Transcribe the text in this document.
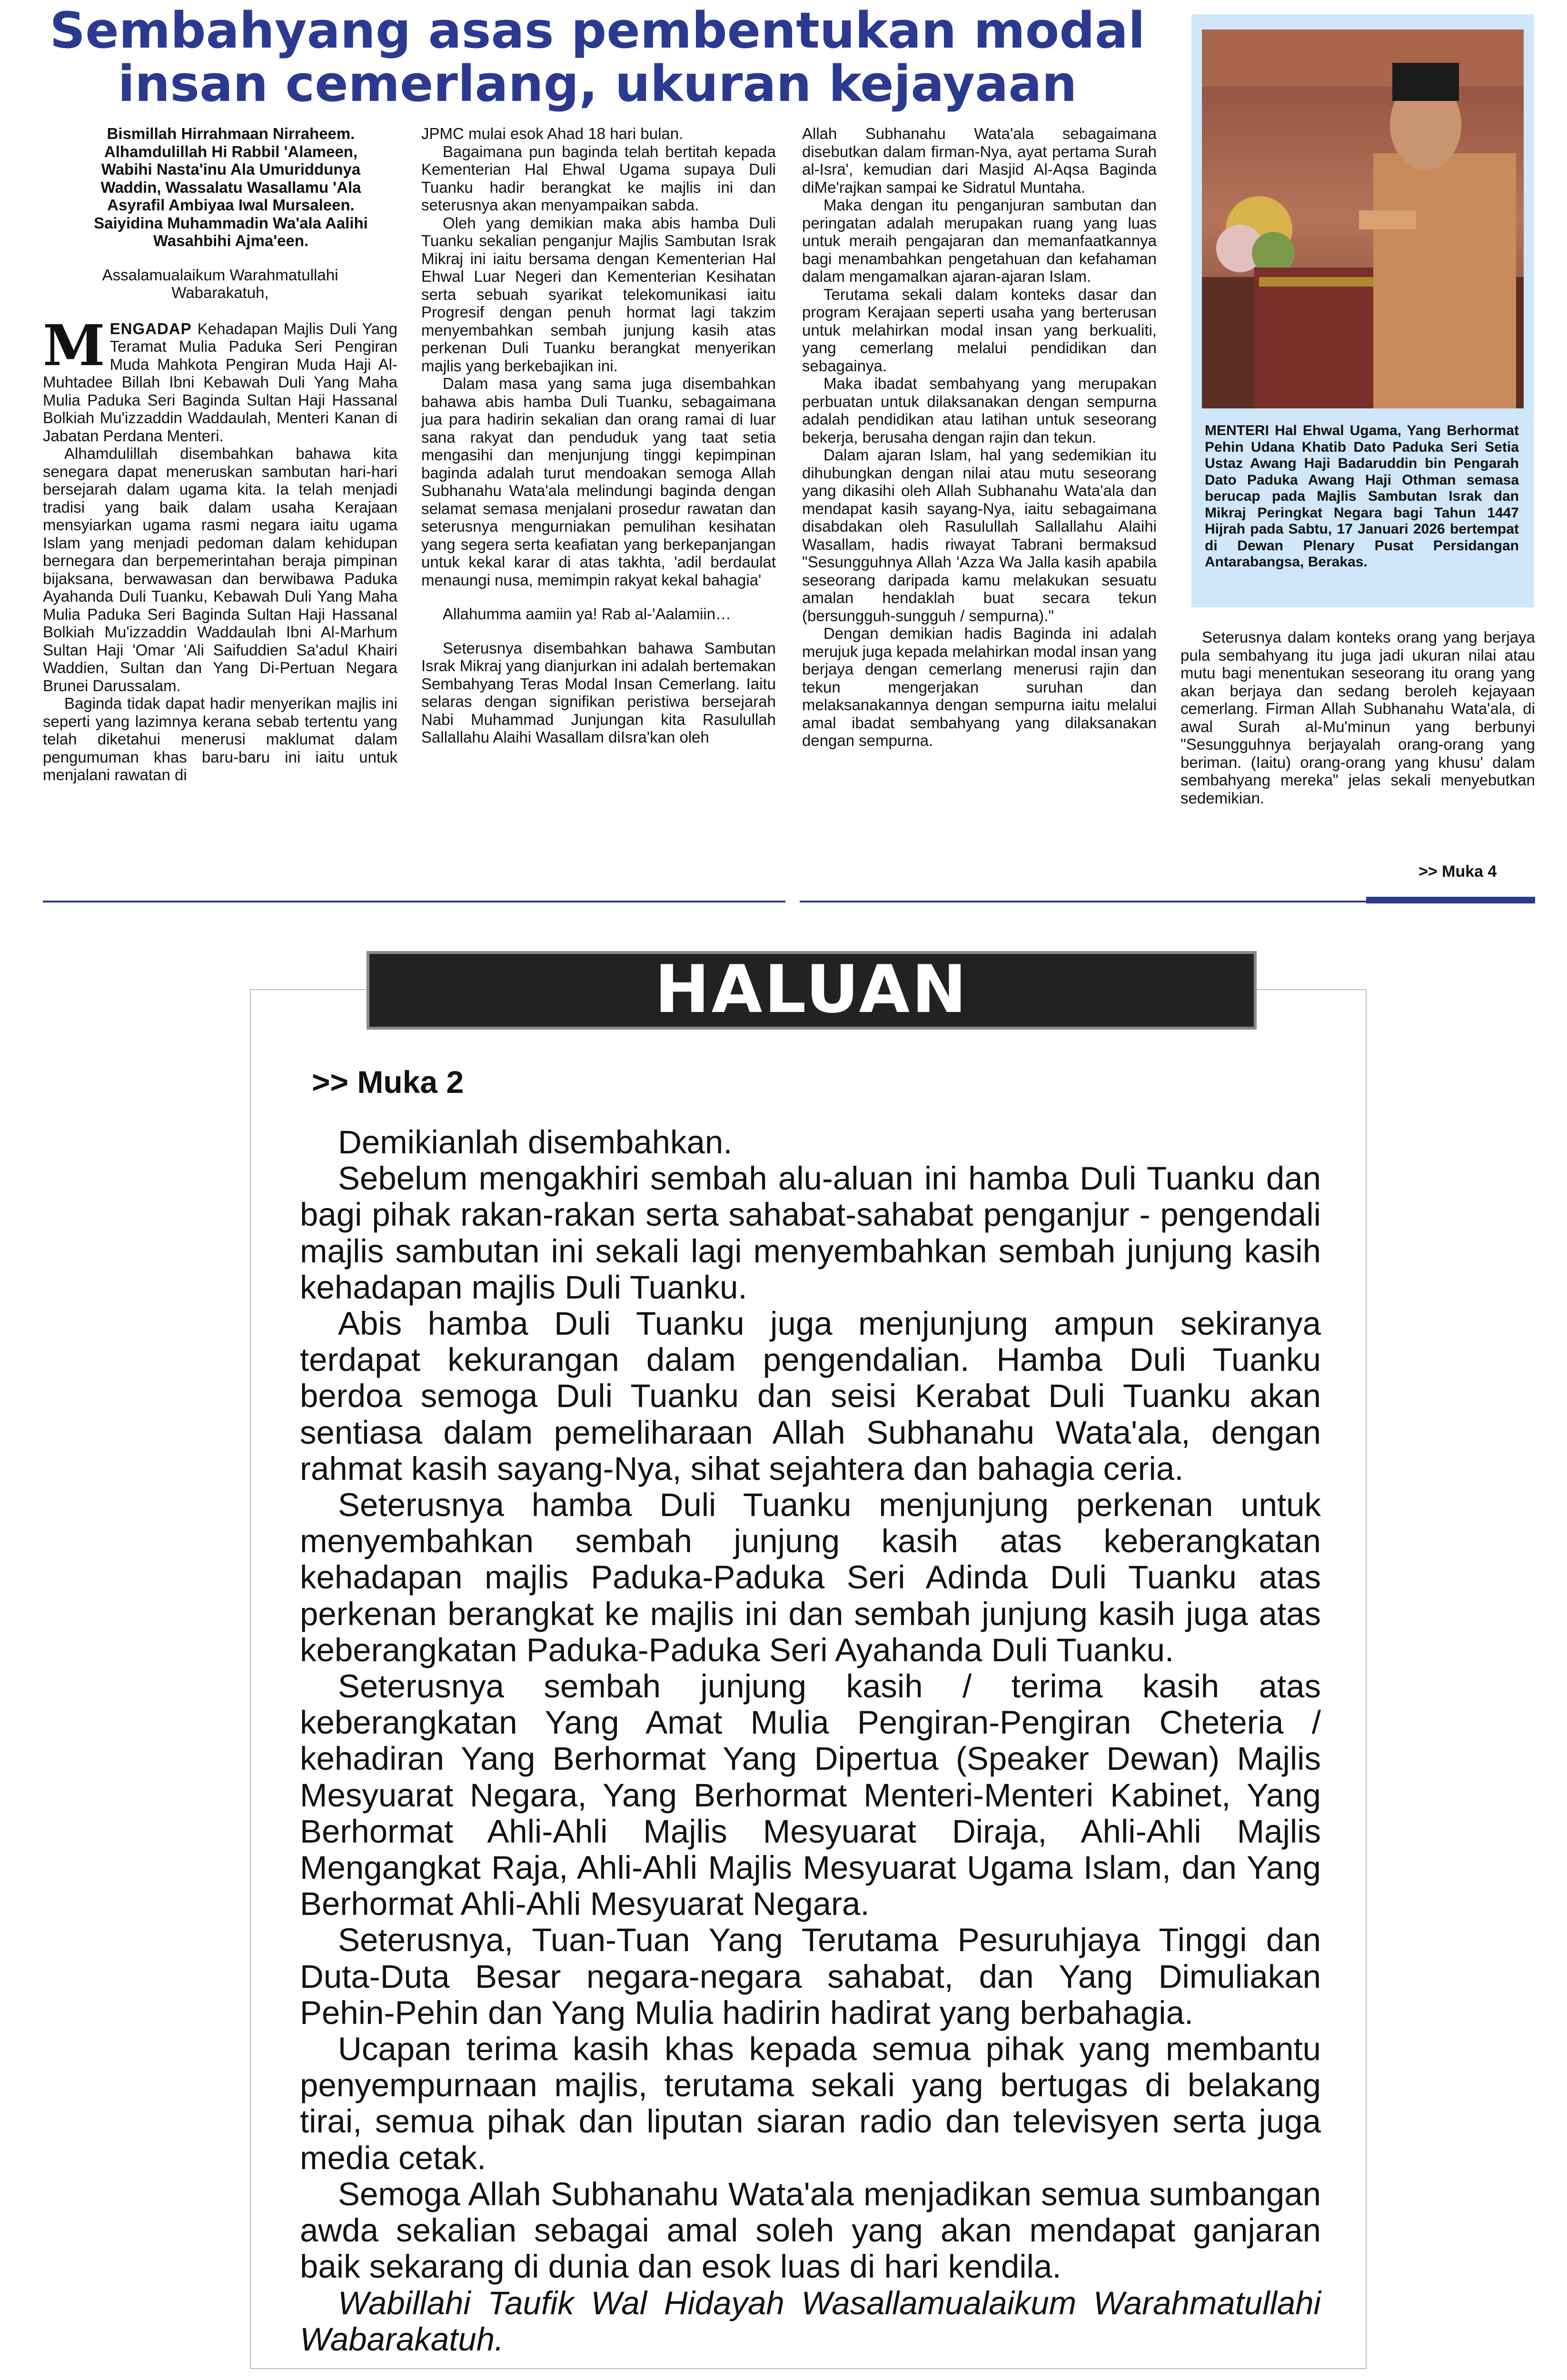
Sembahyang asas pembentukan modal
insan cemerlang, ukuran kejayaan

Bismillah Hirrahmaan Nirraheem.

Alhamdulillah Hi Rabbil 'Alameen,

Wabihi Nasta'inu Ala Umuriddunya

Waddin, Wassalatu Wasallamu 'Ala

Asyrafil Ambiyaa Iwal Mursaleen.

Saiyidina Muhammadin Wa'ala Aalihi

Wasahbihi Ajma'een.

Assalamualaikum Warahmatullahi
Wabarakatuh,

MENGADAP Kehadapan Majlis Duli Yang Teramat Mulia Paduka Seri Pengiran Muda Mahkota Pengiran Muda Haji Al-Muhtadee Billah Ibni Kebawah Duli Yang Maha Mulia Paduka Seri Baginda Sultan Haji Hassanal Bolkiah Mu'izzaddin Waddaulah, Menteri Kanan di Jabatan Perdana Menteri.

Alhamdulillah disembahkan bahawa kita senegara dapat meneruskan sambutan hari-hari bersejarah dalam ugama kita. Ia telah menjadi tradisi yang baik dalam usaha Kerajaan mensyiarkan ugama rasmi negara iaitu ugama Islam yang menjadi pedoman dalam kehidupan bernegara dan berpemerintahan beraja pimpinan bijaksana, berwawasan dan berwibawa Paduka Ayahanda Duli Tuanku, Kebawah Duli Yang Maha Mulia Paduka Seri Baginda Sultan Haji Hassanal Bolkiah Mu'izzaddin Waddaulah Ibni Al-Marhum Sultan Haji 'Omar 'Ali Saifuddien Sa'adul Khairi Waddien, Sultan dan Yang Di-Pertuan Negara Brunei Darussalam.

Baginda tidak dapat hadir menyerikan majlis ini seperti yang lazimnya kerana sebab tertentu yang telah diketahui menerusi maklumat dalam pengumuman khas baru-baru ini iaitu untuk menjalani rawatan di

JPMC mulai esok Ahad 18 hari bulan.

Bagaimana pun baginda telah bertitah kepada Kementerian Hal Ehwal Ugama supaya Duli Tuanku hadir berangkat ke majlis ini dan seterusnya akan menyampaikan sabda.

Oleh yang demikian maka abis hamba Duli Tuanku sekalian penganjur Majlis Sambutan Israk Mikraj ini iaitu bersama dengan Kementerian Hal Ehwal Luar Negeri dan Kementerian Kesihatan serta sebuah syarikat telekomunikasi iaitu Progresif dengan penuh hormat lagi takzim menyembahkan sembah junjung kasih atas perkenan Duli Tuanku berangkat menyerikan majlis yang berkebajikan ini.

Dalam masa yang sama juga disembahkan bahawa abis hamba Duli Tuanku, sebagaimana jua para hadirin sekalian dan orang ramai di luar sana rakyat dan penduduk yang taat setia mengasihi dan menjunjung tinggi kepimpinan baginda adalah turut mendoakan semoga Allah Subhanahu Wata'ala melindungi baginda dengan selamat semasa menjalani prosedur rawatan dan seterusnya mengurniakan pemulihan kesihatan yang segera serta keafiatan yang berkepanjangan untuk kekal karar di atas takhta, 'adil berdaulat menaungi nusa, memimpin rakyat kekal bahagia'

Allahumma aamiin ya! Rab al-'Aalamiin…

Seterusnya disembahkan bahawa Sambutan Israk Mikraj yang dianjurkan ini adalah bertemakan Sembahyang Teras Modal Insan Cemerlang. Iaitu selaras dengan signifikan peristiwa bersejarah Nabi Muhammad Junjungan kita Rasulullah Sallallahu Alaihi Wasallam diIsra'kan oleh

Allah Subhanahu Wata'ala sebagaimana disebutkan dalam firman-Nya, ayat pertama Surah al-Isra', kemudian dari Masjid Al-Aqsa Baginda diMe'rajkan sampai ke Sidratul Muntaha.

Maka dengan itu penganjuran sambutan dan peringatan adalah merupakan ruang yang luas untuk meraih pengajaran dan memanfaatkannya bagi menambahkan pengetahuan dan kefahaman dalam mengamalkan ajaran-ajaran Islam.

Terutama sekali dalam konteks dasar dan program Kerajaan seperti usaha yang berterusan untuk melahirkan modal insan yang berkualiti, yang cemerlang melalui pendidikan dan sebagainya.

Maka ibadat sembahyang yang merupakan perbuatan untuk dilaksanakan dengan sempurna adalah pendidikan atau latihan untuk seseorang bekerja, berusaha dengan rajin dan tekun.

Dalam ajaran Islam, hal yang sedemikian itu dihubungkan dengan nilai atau mutu seseorang yang dikasihi oleh Allah Subhanahu Wata'ala dan mendapat kasih sayang-Nya, iaitu sebagaimana disabdakan oleh Rasulullah Sallallahu Alaihi Wasallam, hadis riwayat Tabrani bermaksud "Sesungguhnya Allah 'Azza Wa Jalla kasih apabila seseorang daripada kamu melakukan sesuatu amalan hendaklah buat secara tekun (bersungguh-sungguh / sempurna)."

Dengan demikian hadis Baginda ini adalah merujuk juga kepada melahirkan modal insan yang berjaya dengan cemerlang menerusi rajin dan tekun mengerjakan suruhan dan melaksanakannya dengan sempurna iaitu melalui amal ibadat sembahyang yang dilaksanakan dengan sempurna.

MENTERI Hal Ehwal Ugama, Yang Berhormat Pehin Udana Khatib Dato Paduka Seri Setia Ustaz Awang Haji Badaruddin bin Pengarah Dato Paduka Awang Haji Othman semasa berucap pada Majlis Sambutan Israk dan Mikraj Peringkat Negara bagi Tahun 1447 Hijrah pada Sabtu, 17 Januari 2026 bertempat di Dewan Plenary Pusat Persidangan Antarabangsa, Berakas.

Seterusnya dalam konteks orang yang berjaya pula sembahyang itu juga jadi ukuran nilai atau mutu bagi menentukan seseorang itu orang yang akan berjaya dan sedang beroleh kejayaan cemerlang. Firman Allah Subhanahu Wata'ala, di awal Surah al-Mu'minun yang berbunyi "Sesungguhnya berjayalah orang-orang yang beriman. (Iaitu) orang-orang yang khusu' dalam sembahyang mereka" jelas sekali menyebutkan sedemikian.

>> Muka 4
HALUAN
>> Muka 2

Demikianlah disembahkan.

Sebelum mengakhiri sembah alu-aluan ini hamba Duli Tuanku dan bagi pihak rakan-rakan serta sahabat-sahabat penganjur - pengendali majlis sambutan ini sekali lagi menyembahkan sembah junjung kasih kehadapan majlis Duli Tuanku.

Abis hamba Duli Tuanku juga menjunjung ampun sekiranya terdapat kekurangan dalam pengendalian. Hamba Duli Tuanku berdoa semoga Duli Tuanku dan seisi Kerabat Duli Tuanku akan sentiasa dalam pemeliharaan Allah Subhanahu Wata'ala, dengan rahmat kasih sayang-Nya, sihat sejahtera dan bahagia ceria.

Seterusnya hamba Duli Tuanku menjunjung perkenan untuk menyembahkan sembah junjung kasih atas keberangkatan kehadapan majlis Paduka-Paduka Seri Adinda Duli Tuanku atas perkenan berangkat ke majlis ini dan sembah junjung kasih juga atas keberangkatan Paduka-Paduka Seri Ayahanda Duli Tuanku.

Seterusnya sembah junjung kasih / terima kasih atas keberangkatan Yang Amat Mulia Pengiran-Pengiran Cheteria / kehadiran Yang Berhormat Yang Dipertua (Speaker Dewan) Majlis Mesyuarat Negara, Yang Berhormat Menteri-Menteri Kabinet, Yang Berhormat Ahli-Ahli Majlis Mesyuarat Diraja, Ahli-Ahli Majlis Mengangkat Raja, Ahli-Ahli Majlis Mesyuarat Ugama Islam, dan Yang Berhormat Ahli-Ahli Mesyuarat Negara.

Seterusnya, Tuan-Tuan Yang Terutama Pesuruhjaya Tinggi dan Duta-Duta Besar negara-negara sahabat, dan Yang Dimuliakan Pehin-Pehin dan Yang Mulia hadirin hadirat yang berbahagia.

Ucapan terima kasih khas kepada semua pihak yang membantu penyempurnaan majlis, terutama sekali yang bertugas di belakang tirai, semua pihak dan liputan siaran radio dan televisyen serta juga media cetak.

Semoga Allah Subhanahu Wata'ala menjadikan semua sumbangan awda sekalian sebagai amal soleh yang akan mendapat ganjaran baik sekarang di dunia dan esok luas di hari kendila.

Wabillahi Taufik Wal Hidayah Wasallamualaikum Warahmatullahi Wabarakatuh.
